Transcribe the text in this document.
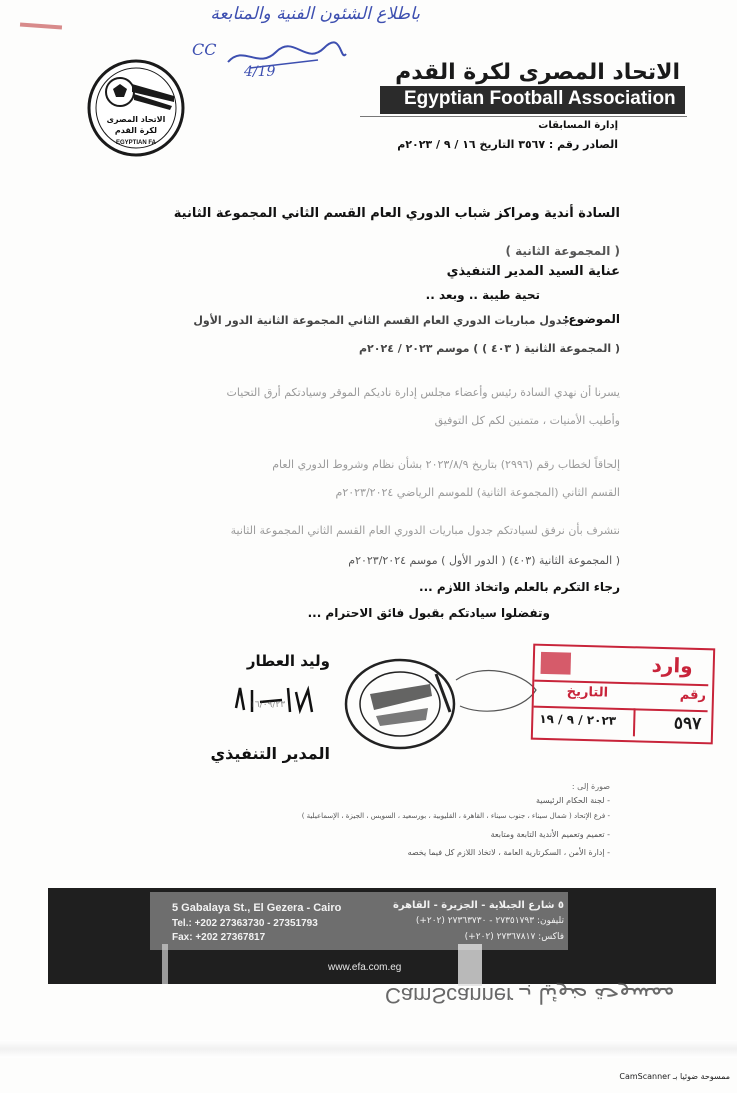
باطلاع الشئون الفنية والمتابعة
CC
4/19
الاتحاد المصرى لكرة القدم
EGYPTIAN FA
الاتحاد المصرى لكرة القدم
Egyptian Football Association
إدارة المسابقات
الصادر رقم : ٣٥٦٧ التاريخ ١٦ / ٩ / ٢٠٢٣م
السادة أندية ومراكز شباب الدوري العام القسم الثاني المجموعة الثانية
( المجموعة الثانية )
عناية السيد المدير التنفيذي
تحية طيبة .. وبعد ..
الموضوع:
جدول مباريات الدوري العام القسم الثاني المجموعة الثانية الدور الأول
( المجموعة الثانية ( ٤٠٣ ) ) موسم ٢٠٢٣ / ٢٠٢٤م
يسرنا أن نهدي السادة رئيس وأعضاء مجلس إدارة ناديكم الموقر وسيادتكم أرق التحيات
وأطيب الأمنيات ، متمنين لكم كل التوفيق
إلحاقاً لخطاب رقم (٢٩٩٦) بتاريخ ٢٠٢٣/٨/٩ بشأن نظام وشروط الدوري العام
القسم الثاني (المجموعة الثانية) للموسم الرياضي ٢٠٢٣/٢٠٢٤م
نتشرف بأن نرفق لسيادتكم جدول مباريات الدوري العام القسم الثاني المجموعة الثانية
( المجموعة الثانية (٤٠٣) ( الدور الأول ) موسم ٢٠٢٣/٢٠٢٤م
رجاء التكرم بالعلم واتخاذ اللازم ...
وتفضلوا سيادتكم بقبول فائق الاحترام ...
وليد العطار
١٦/٠٩/٢٣
المدير التنفيذي
وارد
رقم
التاريخ
٥٩٧
٢٠٢٣ / ٩ / ١٩
صورة إلى :
- لجنة الحكام الرئيسية
- فرع الإتحاد ( شمال سيناء ، جنوب سيناء ، القاهرة ، القليوبية ، بورسعيد ، السويس ، الجيزة ، الإسماعيلية )
- تعميم وتعميم الأندية التابعة ومتابعة
- إدارة الأمن ، السكرتارية العامة ، لاتخاذ اللازم كل فيما يخصه
5 Gabalaya St., El Gezera - Cairo
Tel.: +202 27363730 - 27351793
Fax: +202 27367817
٥ شارع الجبلاية - الجزيرة - القاهرة
تليفون: ٢٧٣٥١٧٩٣ - ٢٧٣٦٣٧٣٠ (٢٠٢+)
فاكس: ٢٧٣٦٧٨١٧ (٢٠٢+)
www.efa.com.eg
CamScanner ممسوحة ضوئيا بـ
CamScanner ممسوحة ضوئيا بـ
